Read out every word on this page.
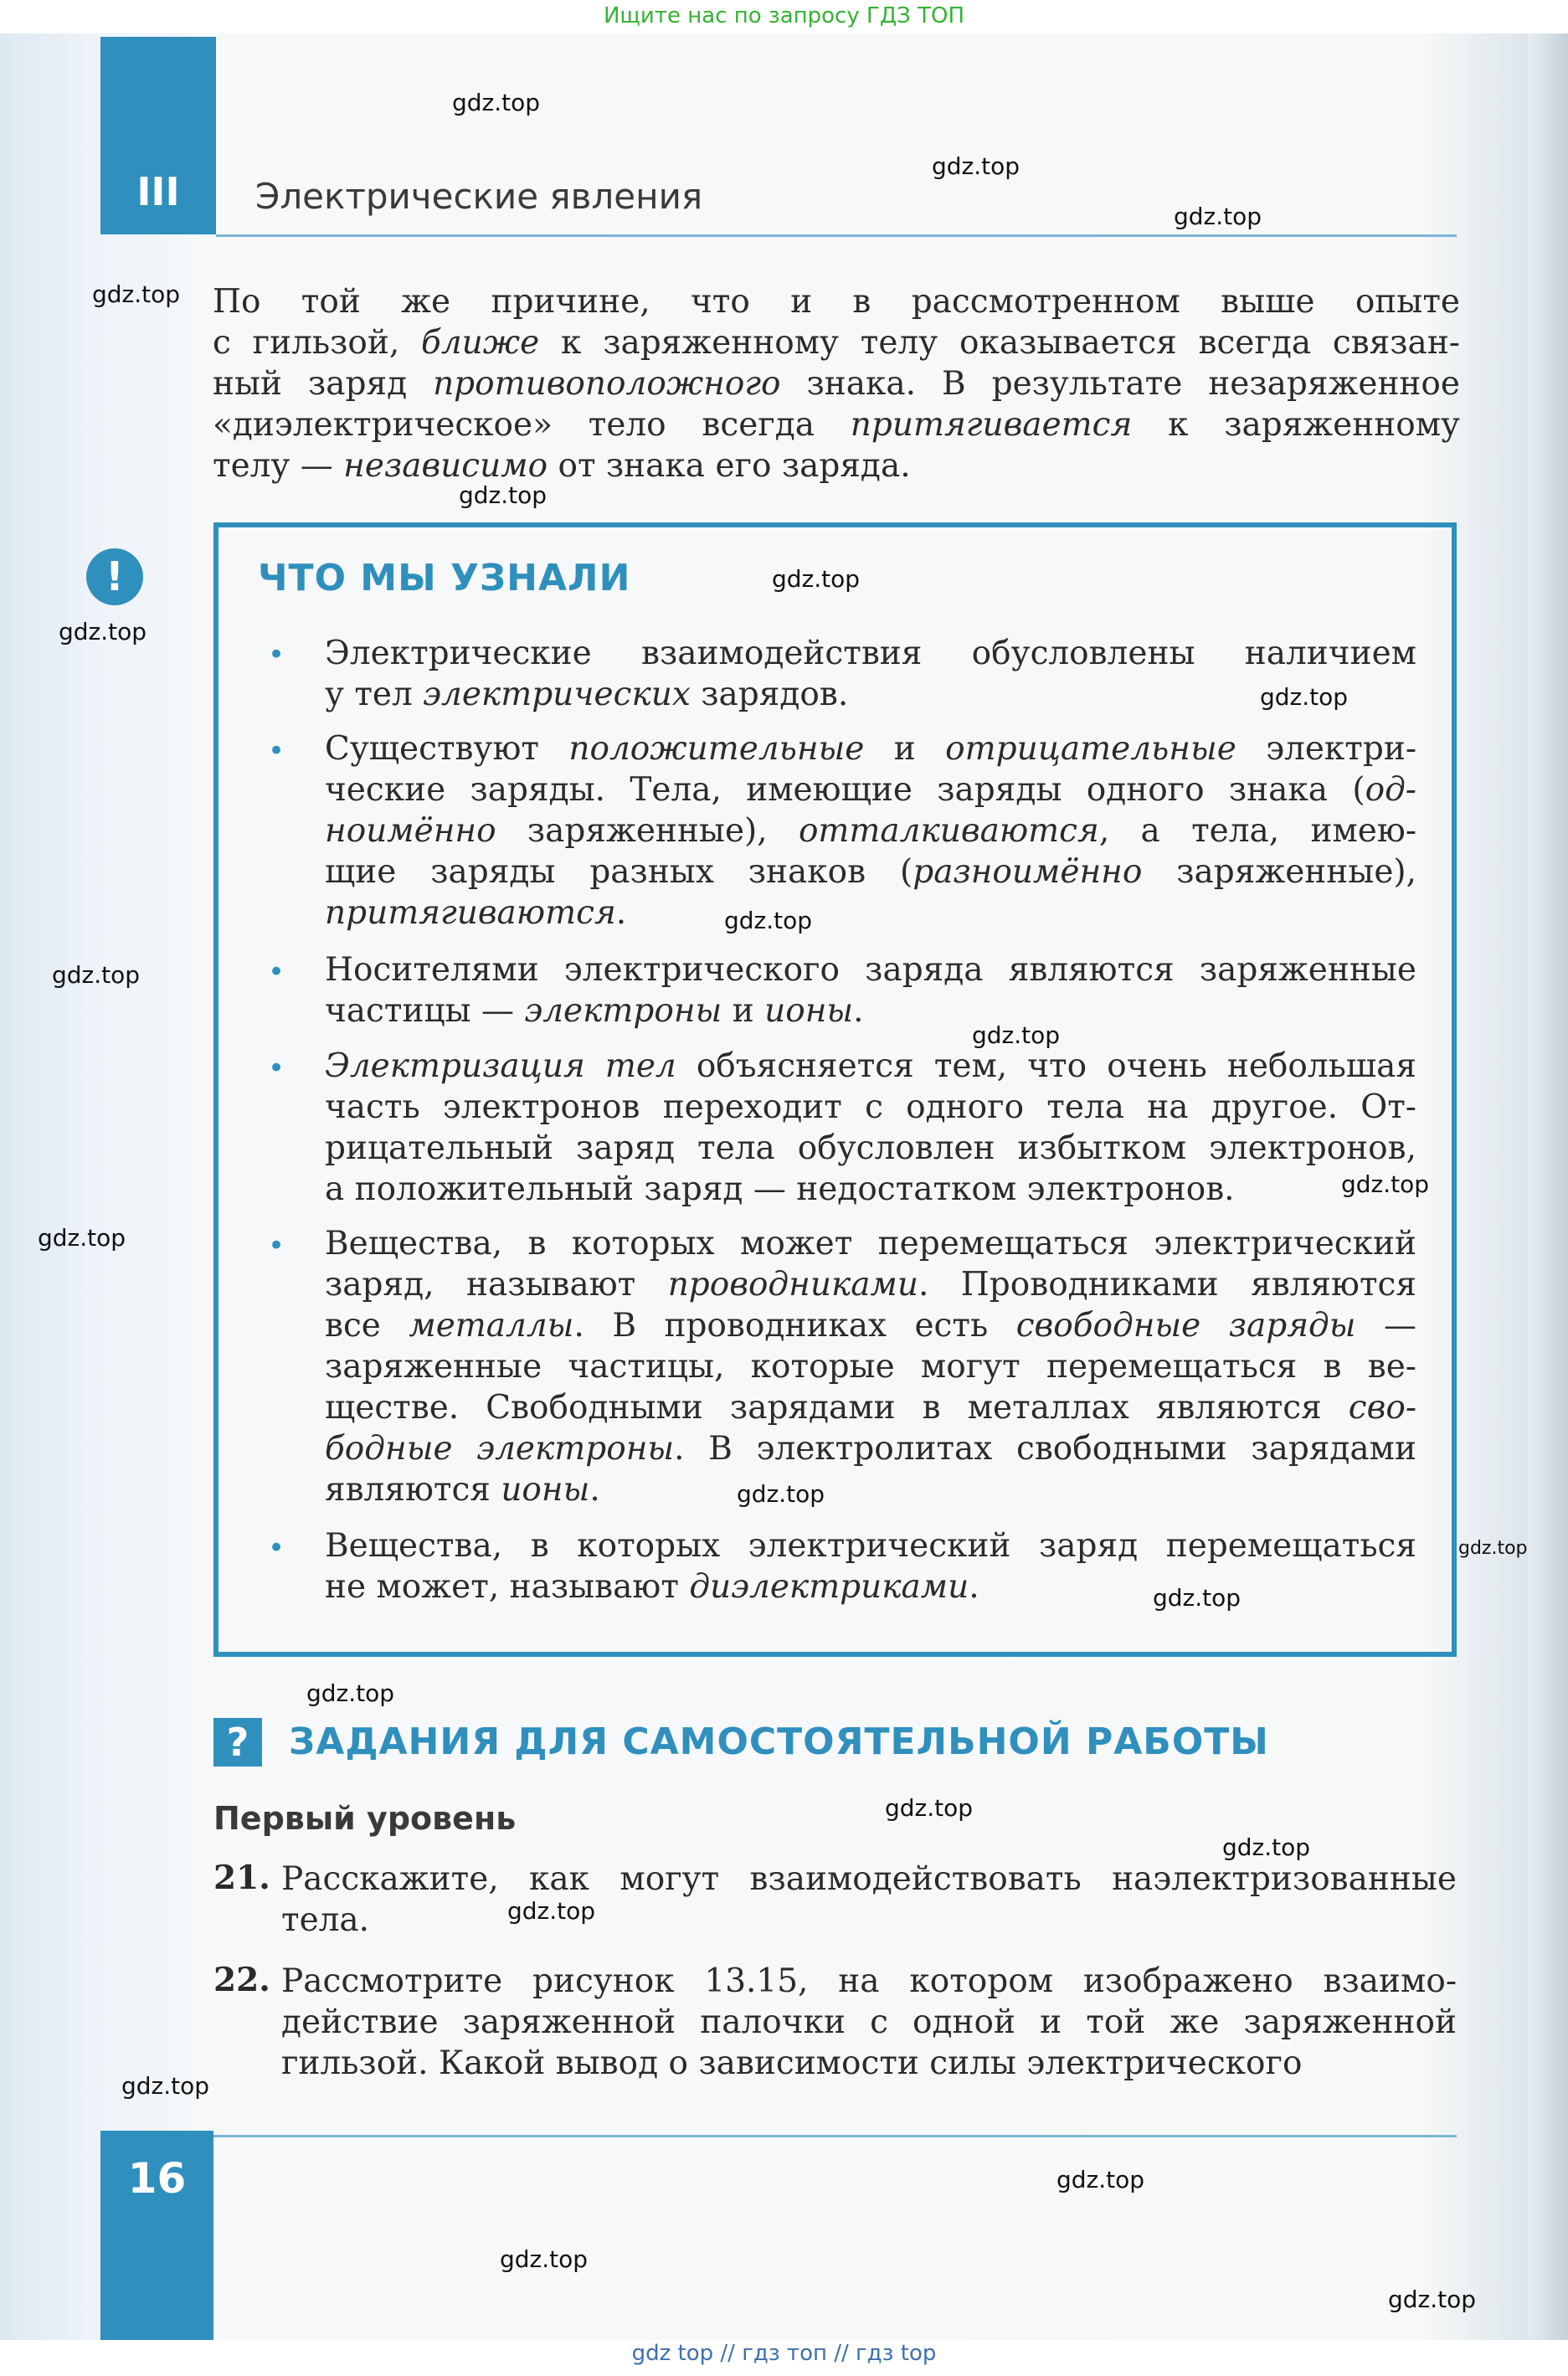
Ищите нас по запросу ГДЗ ТОП
III	Электрические явления
По той же причине, что и в рассмотренном выше опыте
с гильзой, ближе к заряженному телу оказывается всегда связан-
ный заряд противоположного знака. В результате незаряженное
«диэлектрическое» тело всегда притягивается к заряженному
телу — независимо от знака его заряда.
!	ЧТО МЫ УЗНАЛИ
• Электрические взаимодействия обусловлены наличием
у тел электрических зарядов.
• Существуют положительные и отрицательные электри-
ческие заряды. Тела, имеющие заряды одного знака (од-
ноимённо заряженные), отталкиваются, а тела, имею-
щие заряды разных знаков (разноимённо заряженные),
притягиваются.
• Носителями электрического заряда являются заряженные
частицы — электроны и ионы.
• Электризация тел объясняется тем, что очень небольшая
часть электронов переходит с одного тела на другое. От-
рицательный заряд тела обусловлен избытком электронов,
а положительный заряд — недостатком электронов.
• Вещества, в которых может перемещаться электрический
заряд, называют проводниками. Проводниками являются
все металлы. В проводниках есть свободные заряды —
заряженные частицы, которые могут перемещаться в ве-
ществе. Свободными зарядами в металлах являются сво-
бодные электроны. В электролитах свободными зарядами
являются ионы.
• Вещества, в которых электрический заряд перемещаться
не может, называют диэлектриками.
?	ЗАДАНИЯ ДЛЯ САМОСТОЯТЕЛЬНОЙ РАБОТЫ
Первый уровень
21. Расскажите, как могут взаимодействовать наэлектризованные
тела.
22. Рассмотрите рисунок 13.15, на котором изображено взаимо-
действие заряженной палочки с одной и той же заряженной
гильзой. Какой вывод о зависимости силы электрического
16
gdz top // гдз топ // гдз top
gdz.top
gdz.top
gdz.top
gdz.top
gdz.top
gdz.top
gdz.top
gdz.top
gdz.top
gdz.top
gdz.top
gdz.top
gdz.top
gdz.top
gdz.top
gdz.top
gdz.top
gdz.top
gdz.top
gdz.top
gdz.top
gdz.top
gdz.top
gdz.top
